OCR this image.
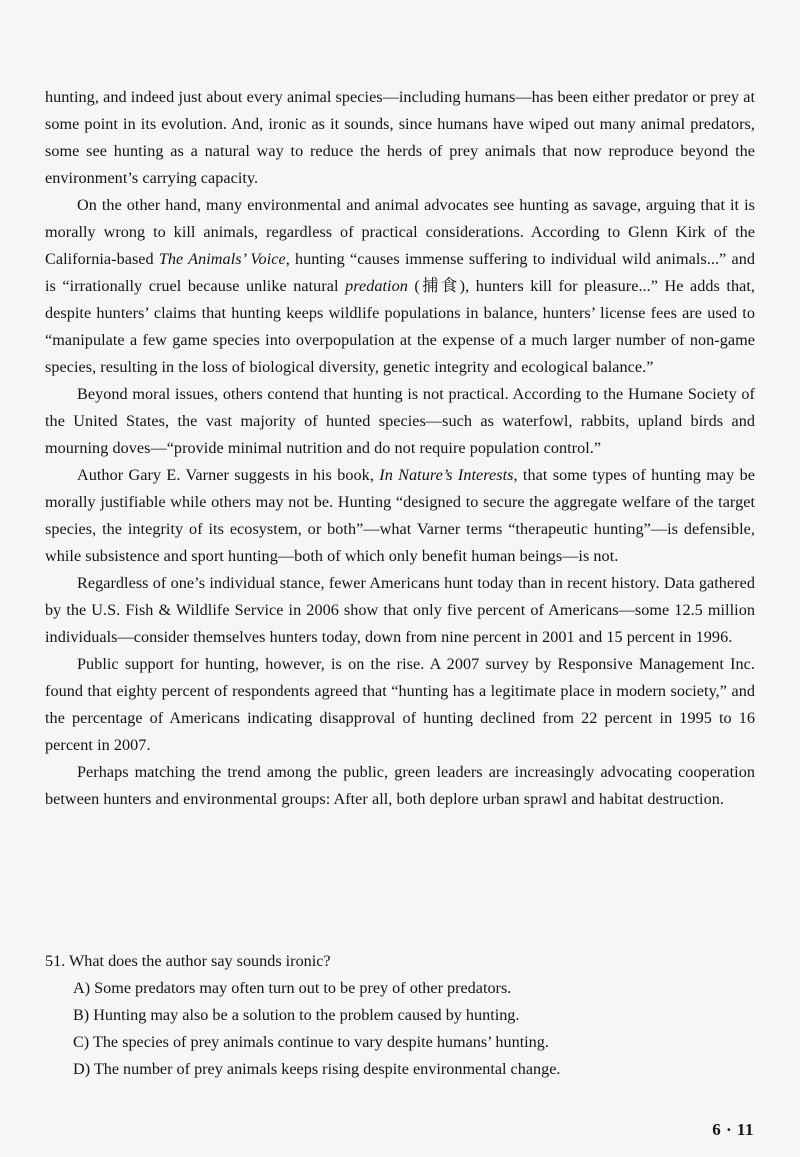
hunting, and indeed just about every animal species—including humans—has been either predator or prey at some point in its evolution. And, ironic as it sounds, since humans have wiped out many animal predators, some see hunting as a natural way to reduce the herds of prey animals that now reproduce beyond the environment’s carrying capacity.

On the other hand, many environmental and animal advocates see hunting as savage, arguing that it is morally wrong to kill animals, regardless of practical considerations. According to Glenn Kirk of the California-based The Animals’ Voice, hunting “causes immense suffering to individual wild animals...” and is “irrationally cruel because unlike natural predation (捕食), hunters kill for pleasure...” He adds that, despite hunters’ claims that hunting keeps wildlife populations in balance, hunters’ license fees are used to “manipulate a few game species into overpopulation at the expense of a much larger number of non-game species, resulting in the loss of biological diversity, genetic integrity and ecological balance.”

Beyond moral issues, others contend that hunting is not practical. According to the Humane Society of the United States, the vast majority of hunted species—such as waterfowl, rabbits, upland birds and mourning doves—“provide minimal nutrition and do not require population control.”

Author Gary E. Varner suggests in his book, In Nature’s Interests, that some types of hunting may be morally justifiable while others may not be. Hunting “designed to secure the aggregate welfare of the target species, the integrity of its ecosystem, or both”—what Varner terms “therapeutic hunting”—is defensible, while subsistence and sport hunting—both of which only benefit human beings—is not.

Regardless of one’s individual stance, fewer Americans hunt today than in recent history. Data gathered by the U.S. Fish & Wildlife Service in 2006 show that only five percent of Americans—some 12.5 million individuals—consider themselves hunters today, down from nine percent in 2001 and 15 percent in 1996.

Public support for hunting, however, is on the rise. A 2007 survey by Responsive Management Inc. found that eighty percent of respondents agreed that “hunting has a legitimate place in modern society,” and the percentage of Americans indicating disapproval of hunting declined from 22 percent in 1995 to 16 percent in 2007.

Perhaps matching the trend among the public, green leaders are increasingly advocating cooperation between hunters and environmental groups: After all, both deplore urban sprawl and habitat destruction.

51. What does the author say sounds ironic?

A) Some predators may often turn out to be prey of other predators.
B) Hunting may also be a solution to the problem caused by hunting.
C) The species of prey animals continue to vary despite humans’ hunting.
D) The number of prey animals keeps rising despite environmental change.
6 · 11
